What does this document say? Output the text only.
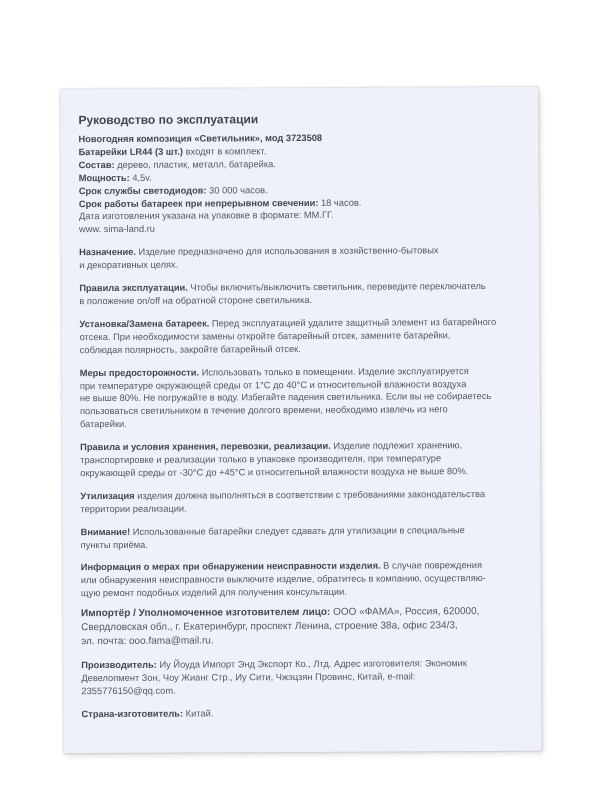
Руководство по эксплуатации
Новогодняя композиция «Светильник», мод 3723508
Батарейки LR44 (3 шт.) входят в комплект.
Состав: дерево, пластик, металл, батарейка.
Мощность: 4,5v.
Срок службы светодиодов: 30 000 часов.
Срок работы батареек при непрерывном свечении: 18 часов.
Дата изготовления указана на упаковке в формате: ММ.ГГ.
www. sima-land.ru
Назначение. Изделие предназначено для использования в хозяйственно-бытовых
и декоративных целях.
Правила эксплуатации. Чтобы включить/выключить светильник, переведите переключатель
в положение on/off на обратной стороне светильника.
Установка/Замена батареек. Перед эксплуатацией удалите защитный элемент из батарейного
отсека. При необходимости замены откройте батарейный отсек, замените батарейки,
соблюдая полярность, закройте батарейный отсек.
Меры предосторожности. Использовать только в помещении. Изделие эксплуатируется
при температуре окружающей среды от 1°С до 40°С и относительной влажности воздуха
не выше 80%. Не погружайте в воду. Избегайте падения светильника. Если вы не собираетесь
пользоваться светильником в течение долгого времени, необходимо извлечь из него
батарейки.
Правила и условия хранения, перевозки, реализации. Изделие подлежит хранению,
транспортировке и реализации только в упаковке производителя, при температуре
окружающей среды от -30°С до +45°С и относительной влажности воздуха не выше 80%.
Утилизация изделия должна выполняться в соответствии с требованиями законодательства
территории реализации.
Внимание! Использованные батарейки следует сдавать для утилизации в специальные
пункты приёма.
Информация о мерах при обнаружении неисправности изделия. В случае повреждения
или обнаружения неисправности выключите изделие, обратитесь в компанию, осуществляю-
щую ремонт подобных изделий для получения консультации.
Импортёр / Уполномоченное изготовителем лицо: ООО «ФАМА», Россия, 620000,
Свердловская обл., г. Екатеринбург, проспект Ленина, строение 38а, офис 234/3,
эл. почта: ooo.fama@mail.ru.
Производитель: Иу Йоуда Импорт Энд Экспорт Ко., Лтд. Адрес изготовителя: Экономик
Девелопмент Зон, Чоу Жианг Стр., Иу Сити, Чжэцзян Провинс, Китай, e-mail:
2355776150@qq.com.
Страна-изготовитель: Китай.
